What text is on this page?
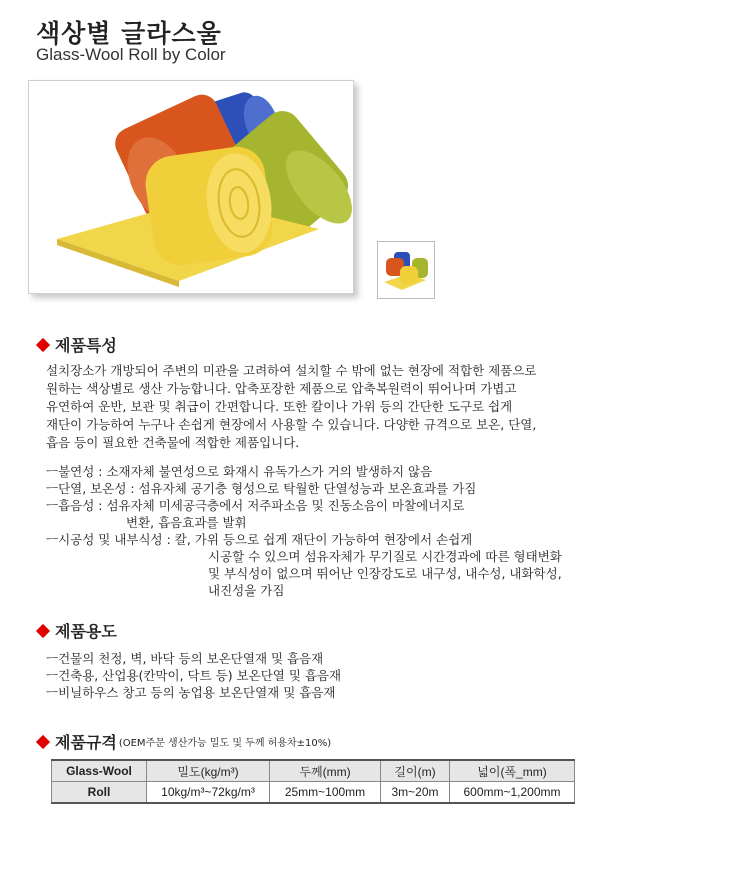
색상별 글라스울
Glass-Wool Roll by Color
제품특성
설치장소가 개방되어 주변의 미관을 고려하여 설치할 수 밖에 없는 현장에 적합한 제품으로
원하는 색상별로 생산 가능합니다. 압축포장한 제품으로 압축복원력이 뛰어나며 가볍고
유연하여 운반, 보관 및 취급이 간편합니다. 또한 칼이나 가위 등의 간단한 도구로 쉽게
재단이 가능하여 누구나 손쉽게 현장에서 사용할 수 있습니다. 다양한 규격으로 보온, 단열,
흡음 등이 필요한 건축물에 적합한 제품입니다.
ㅡ불연성 : 소재자체 불연성으로 화재시 유독가스가 거의 발생하지 않음
ㅡ단열, 보온성 : 섬유자체 공기층 형성으로 탁월한 단열성능과 보온효과를 가짐
ㅡ흡음성 : 섬유자체 미세공극층에서 저주파소음 및 진동소음이 마찰에너지로
변환, 흡음효과를 발휘
ㅡ시공성 및 내부식성 : 칼, 가위 등으로 쉽게 재단이 가능하여 현장에서 손쉽게
시공할 수 있으며 섬유자체가 무기질로 시간경과에 따른 형태변화
및 부식성이 없으며 뛰어난 인장강도로 내구성, 내수성, 내화학성,
내진성을 가짐
제품용도
ㅡ건물의 천정, 벽, 바닥 등의 보온단열재 및 흡음재
ㅡ건축용, 산업용(칸막이, 닥트 등) 보온단열 및 흡음재
ㅡ비닐하우스 창고 등의 농업용 보온단열재 및 흡음재
제품규격 (OEM주문 생산가능 밀도 및 두께 허용차±10%)
Glass-Wool	밀도(kg/m³)	두께(mm)	길이(m)	넓이(폭_mm)
Roll	10kg/m³~72kg/m³	25mm~100mm	3m~20m	600mm~1,200mm
